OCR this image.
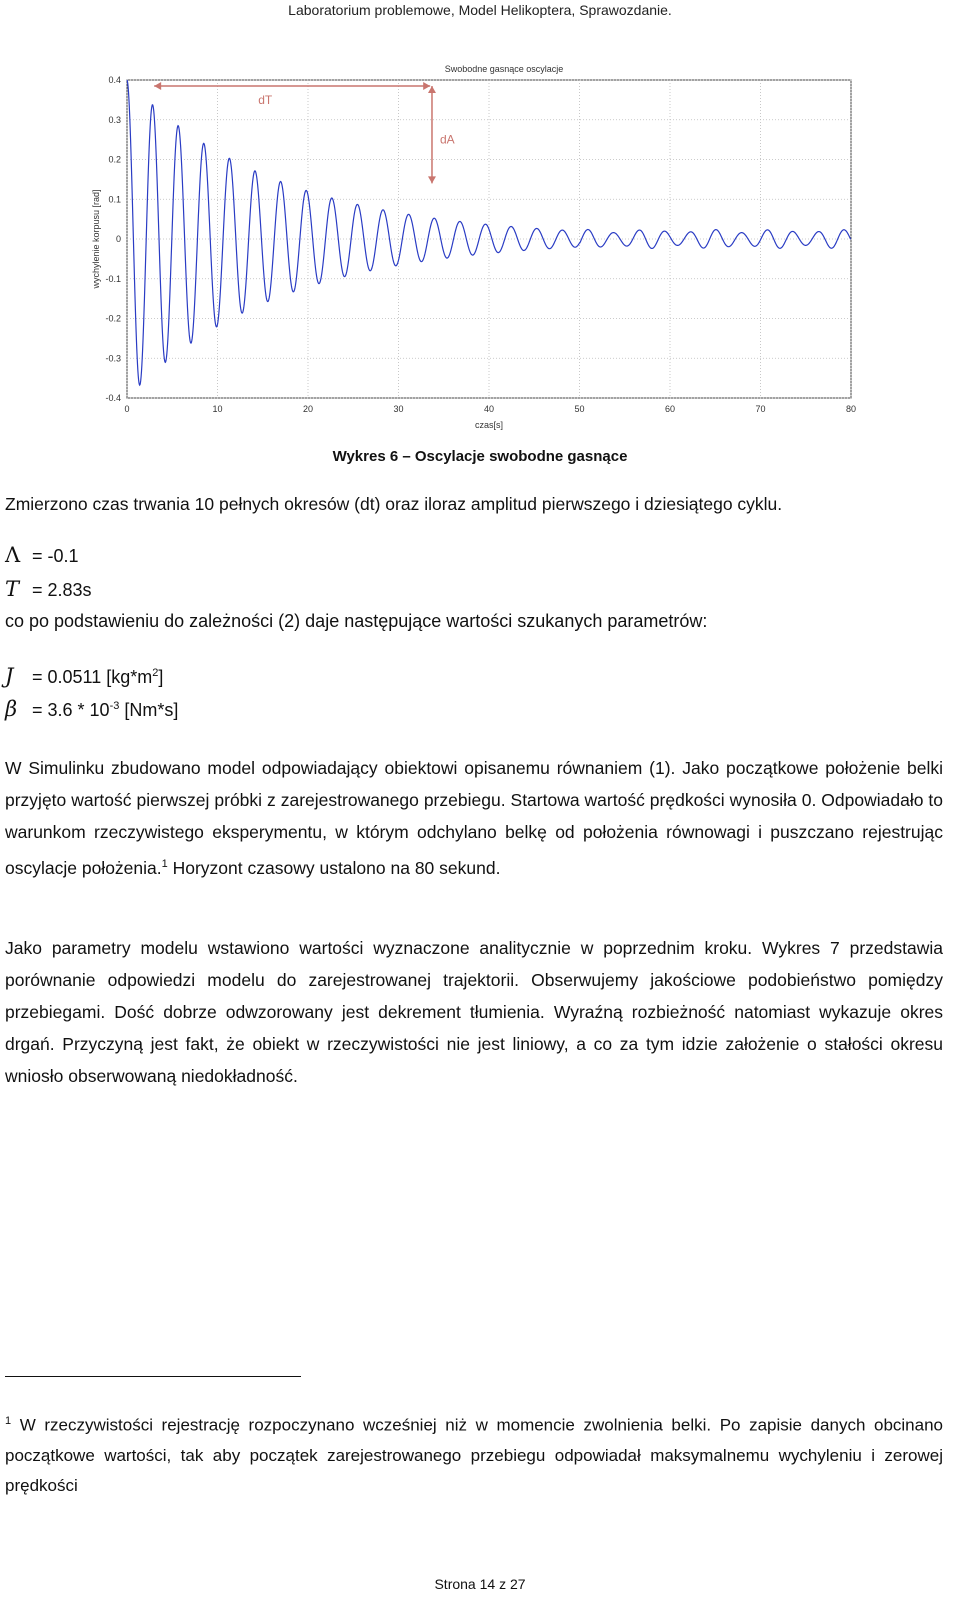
Laboratorium problemowe, Model Helikoptera, Sprawozdanie.
0	10	20	30	40	50	60	70	80
0.4
0.3
0.2
0.1
0
-0.1
-0.2
-0.3
-0.4
Swobodne gasnące oscylacje
czas[s]
wychylenie korpusu [rad]
dT
dA
Wykres 6 – Oscylacje swobodne gasnące
Zmierzono czas trwania 10 pełnych okresów (dt) oraz iloraz amplitud pierwszego i dziesiątego cyklu.
Λ = -0.1
T = 2.83s
co po podstawieniu do zależności (2) daje następujące wartości szukanych parametrów:
J = 0.0511 $[kg*m^2]$
$\beta = 3.6 * 10^{-3}$ [Nm*s]
W Simulinku zbudowano model odpowiadający obiektowi opisanemu równaniem (1). Jako początkowe położenie belki przyjęto wartość pierwszej próbki z zarejestrowanego przebiegu. Startowa wartość prędkości wynosiła 0. Odpowiadało to warunkom rzeczywistego eksperymentu, w którym odchylano belkę od położenia równowagi i puszczano rejestrując oscylacje położenia.$^1$ Horyzont czasowy ustalono na 80 sekund.
Jako parametry modelu wstawiono wartości wyznaczone analitycznie w poprzednim kroku. Wykres 7 przedstawia porównanie odpowiedzi modelu do zarejestrowanej trajektorii. Obserwujemy jakościowe podobieństwo pomiędzy przebiegami. Dość dobrze odwzorowany jest dekrement tłumienia. Wyraźną rozbieżność natomiast wykazuje okres drgań. Przyczyną jest fakt, że obiekt w rzeczywistości nie jest liniowy, a co za tym idzie założenie o stałości okresu wniosło obserwowaną niedokładność.
$^1$ W rzeczywistości rejestrację rozpoczynano wcześniej niż w momencie zwolnienia belki. Po zapisie danych obcinano początkowe wartości, tak aby początek zarejestrowanego przebiegu odpowiadał maksymalnemu wychyleniu i zerowej prędkości
Strona 14 z 27
